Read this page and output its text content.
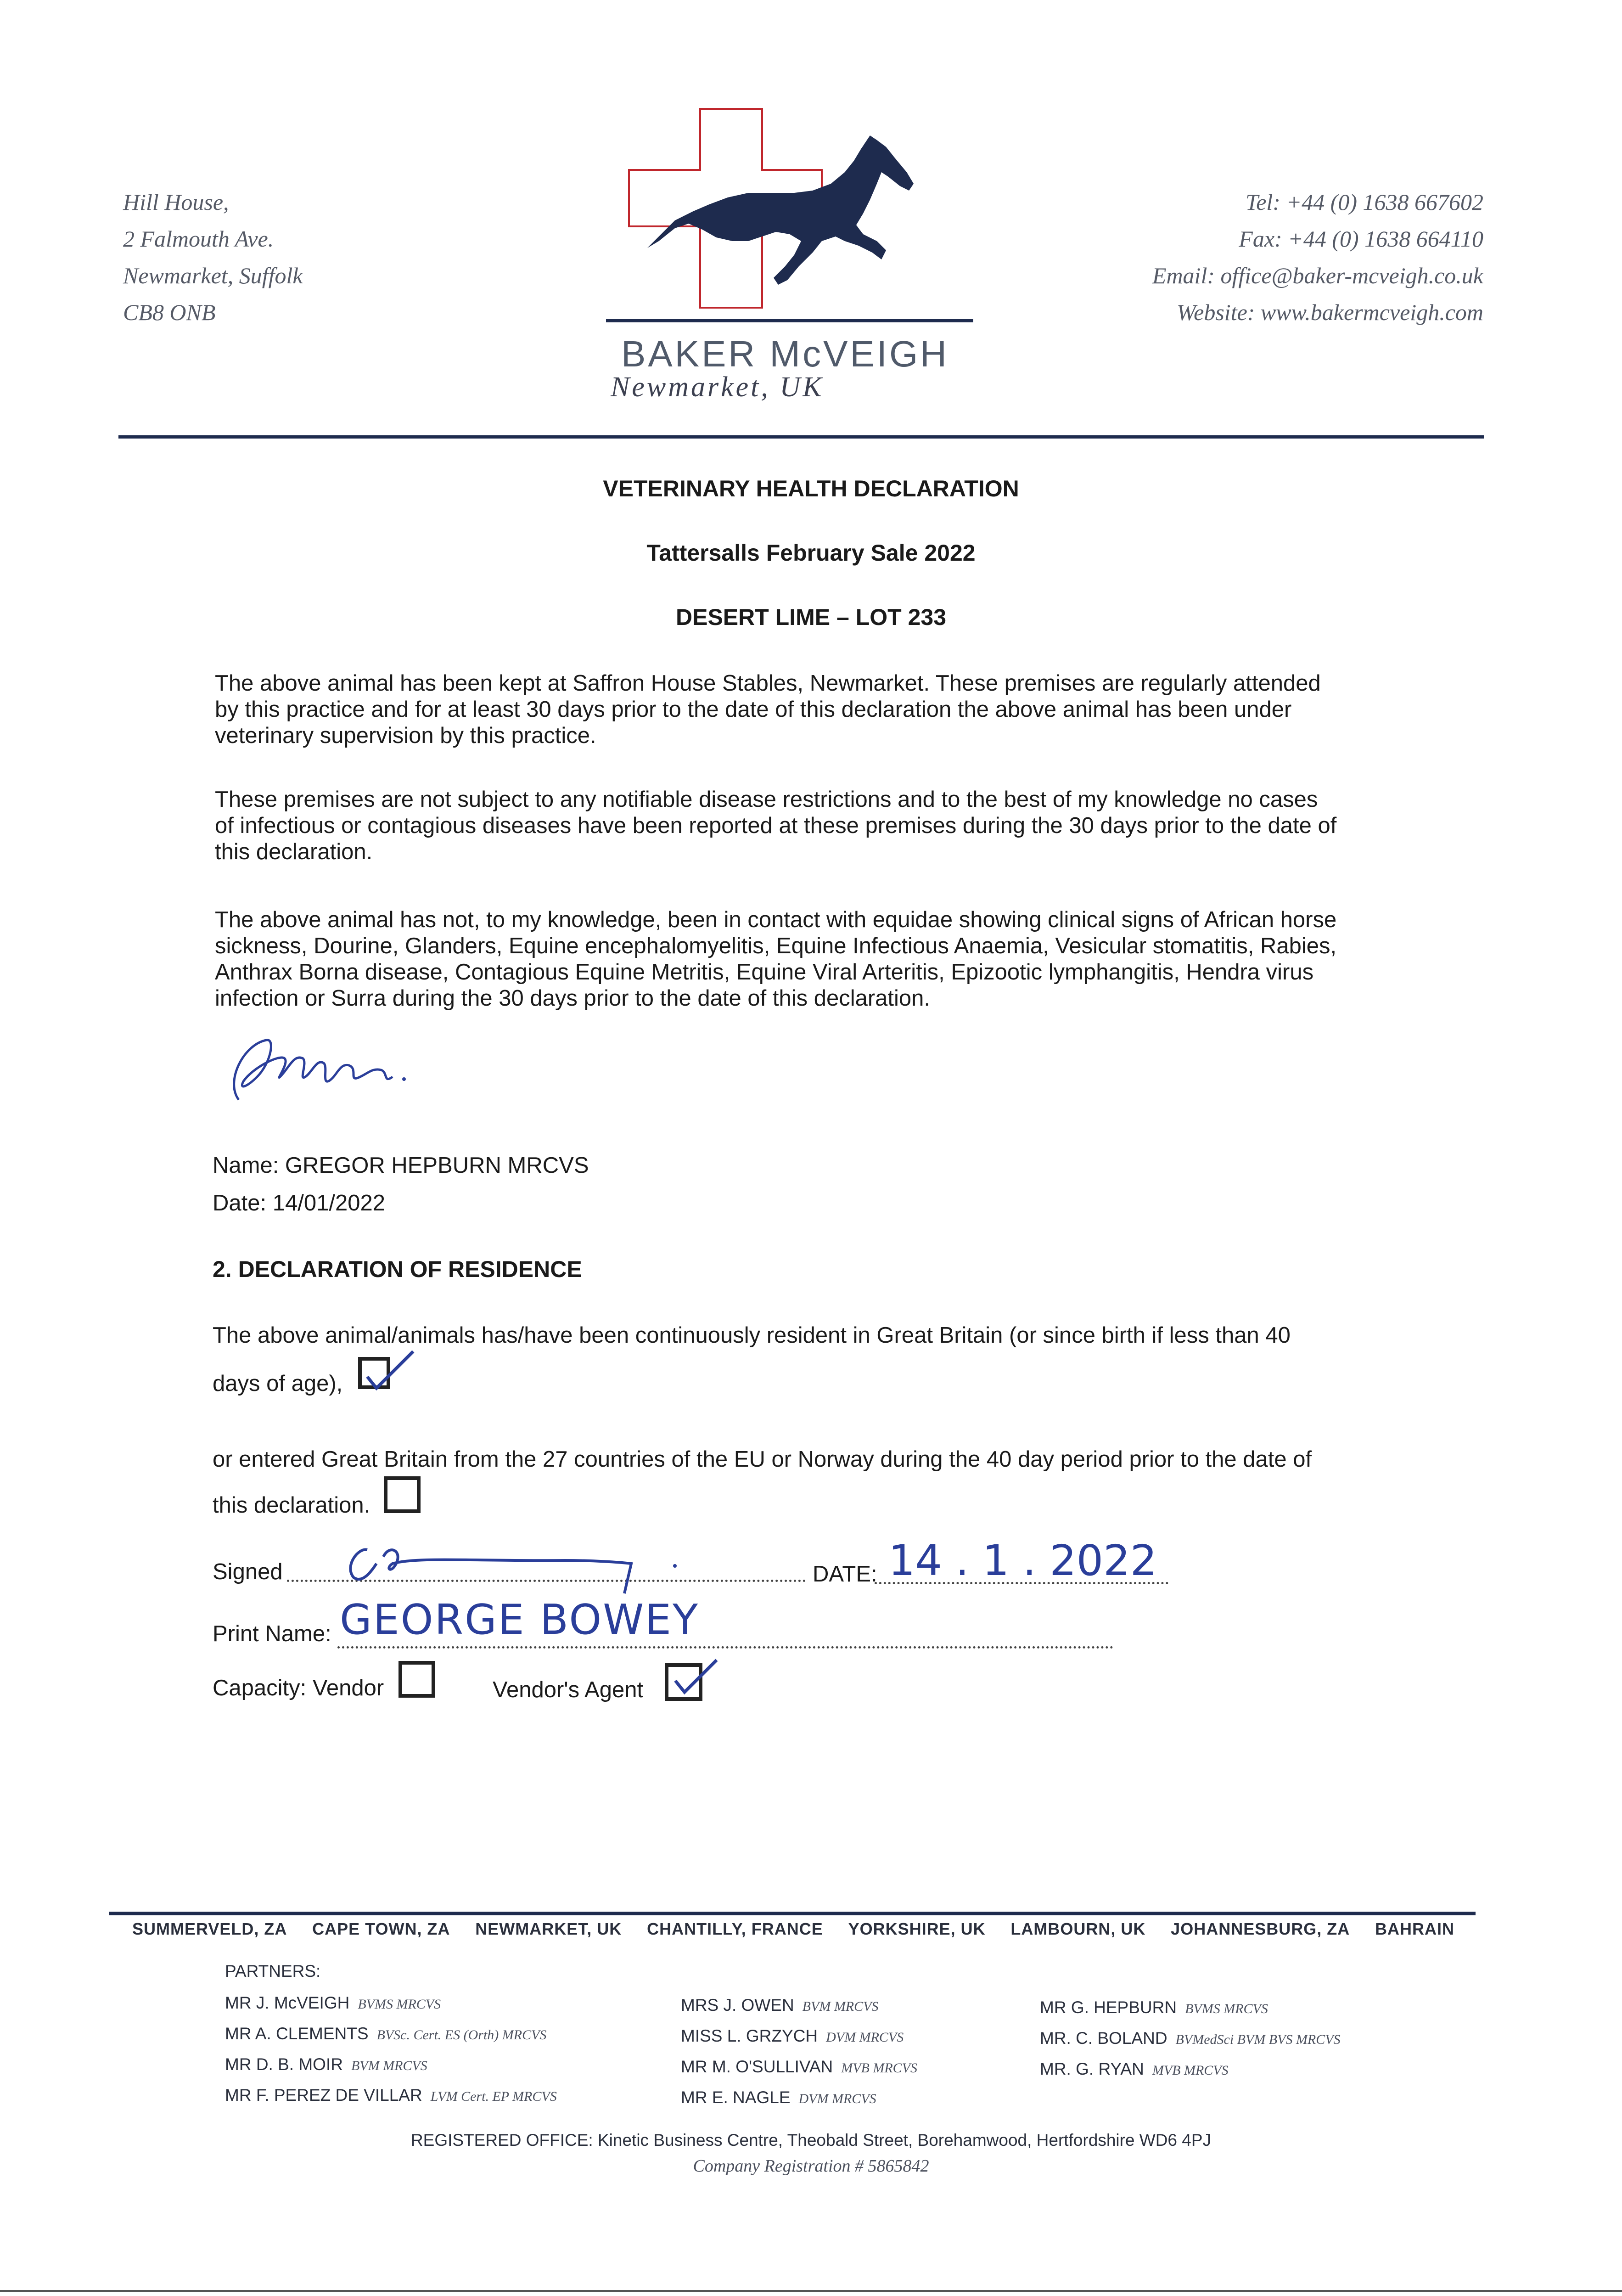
Hill House,
2 Falmouth Ave.
Newmarket, Suffolk
CB8 ONB
BAKER McVEIGH
Newmarket, UK
Tel: +44 (0) 1638 667602
Fax: +44 (0) 1638 664110
Email: office@baker-mcveigh.co.uk
Website: www.bakermcveigh.com
VETERINARY HEALTH DECLARATION
Tattersalls February Sale 2022
DESERT LIME – LOT 233
The above animal has been kept at Saffron House Stables, Newmarket. These premises are regularly attended
by this practice and for at least 30 days prior to the date of this declaration the above animal has been under
veterinary supervision by this practice.
These premises are not subject to any notifiable disease restrictions and to the best of my knowledge no cases
of infectious or contagious diseases have been reported at these premises during the 30 days prior to the date of
this declaration.
The above animal has not, to my knowledge, been in contact with equidae showing clinical signs of African horse
sickness, Dourine, Glanders, Equine encephalomyelitis, Equine Infectious Anaemia, Vesicular stomatitis, Rabies,
Anthrax Borna disease, Contagious Equine Metritis, Equine Viral Arteritis, Epizootic lymphangitis, Hendra virus
infection or Surra during the 30 days prior to the date of this declaration.
Name: GREGOR HEPBURN MRCVS
Date: 14/01/2022
2. DECLARATION OF RESIDENCE
The above animal/animals has/have been continuously resident in Great Britain (or since birth if less than 40
days of age),
or entered Great Britain from the 27 countries of the EU or Norway during the 40 day period prior to the date of
this declaration.
Signed	DATE: 14 . 1 . 2022
Print Name: GEORGE BOWEY
Capacity: Vendor	Vendor's Agent
SUMMERVELD, ZA CAPE TOWN, ZA NEWMARKET, UK CHANTILLY, FRANCE YORKSHIRE, UK LAMBOURN, UK JOHANNESBURG, ZA BAHRAIN
PARTNERS:
MR J. McVEIGH BVMS MRCVS
MR A. CLEMENTS BVSc. Cert. ES (Orth) MRCVS
MR D. B. MOIR BVM MRCVS
MR F. PEREZ DE VILLAR LVM Cert. EP MRCVS
MRS J. OWEN BVM MRCVS
MISS L. GRZYCH DVM MRCVS
MR M. O'SULLIVAN MVB MRCVS
MR E. NAGLE DVM MRCVS
MR G. HEPBURN BVMS MRCVS
MR. C. BOLAND BVMedSci BVM BVS MRCVS
MR. G. RYAN MVB MRCVS
REGISTERED OFFICE: Kinetic Business Centre, Theobald Street, Borehamwood, Hertfordshire WD6 4PJ
Company Registration # 5865842
